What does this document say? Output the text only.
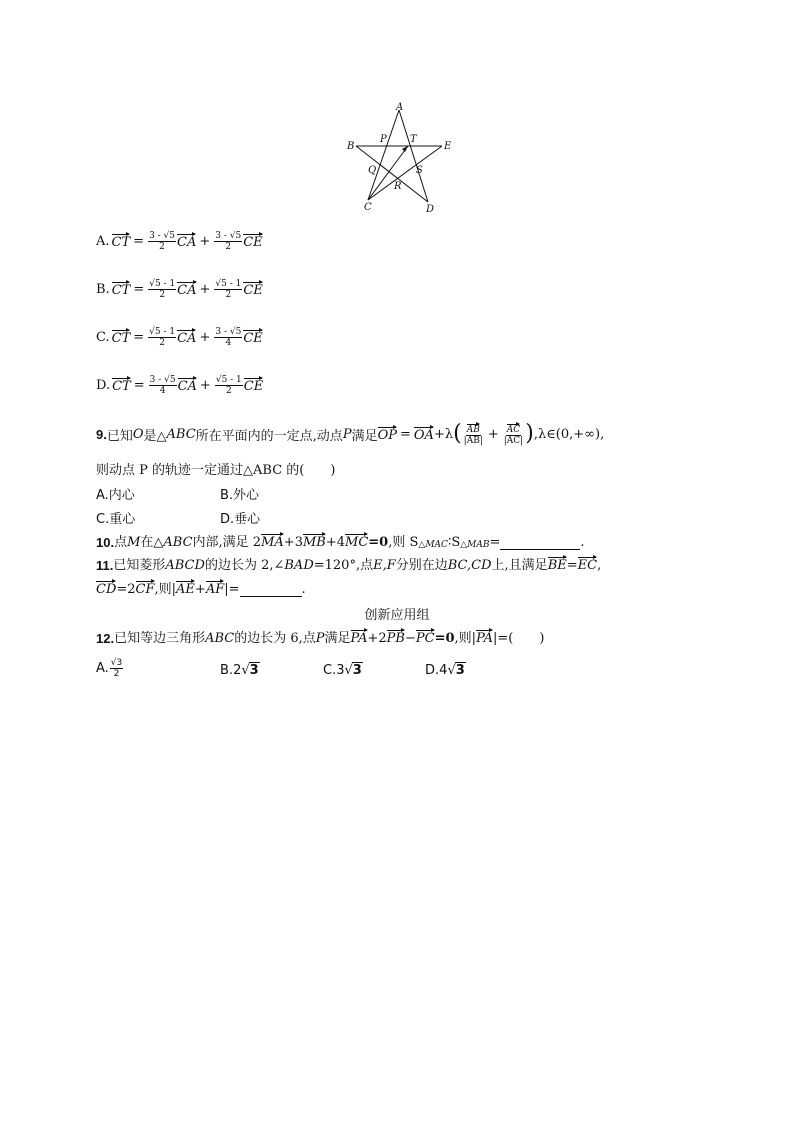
A
B	E
C	D
P T
Q
R
S
A. CT = $\frac{3 - √5}{2}$ CA + $\frac{3 - √5}{2}$ CE
B. CT = $\frac{√5 - 1}{2}$ CA + $\frac{√5 - 1}{2}$ CE
C. CT = $\frac{√5 - 1}{2}$ CA + $\frac{3 - √5}{4}$ CE
D. CT = $\frac{3 - √5}{4}$ CA + $\frac{√5 - 1}{2}$ CE
9. 已知 O 是△ ABC 所在平面内的一定点,动点 P 满足 OP = OA +λ ( $\frac{AB}{|AB|} + \frac{AC}{|AC|}$ ) ,λ∈(0,+∞),
则动点 P 的轨迹一定通过△ABC 的(　　)
A.内心	B.外心
C.重心	D.垂心
10. 点 M 在△ ABC 内部,满足 2 MA +3 MB +4 MC =0 ,则 S △MAC ∶S △MAB =	.
11. 已知菱形 ABCD 的边长为 2,∠ BAD =120°,点 E,F 分别在边 BC,CD 上,且满足 BE = EC ,
CD =2 CF ,则| AE + AF |=	.
创新应用组
12. 已知等边三角形 ABC 的边长为 6,点 P 满足 PA +2 PB − PC =0 ,则| PA |=(　　)
A. $\frac{√3}{2}$	B.2√3	C.3√3	D.4√3
